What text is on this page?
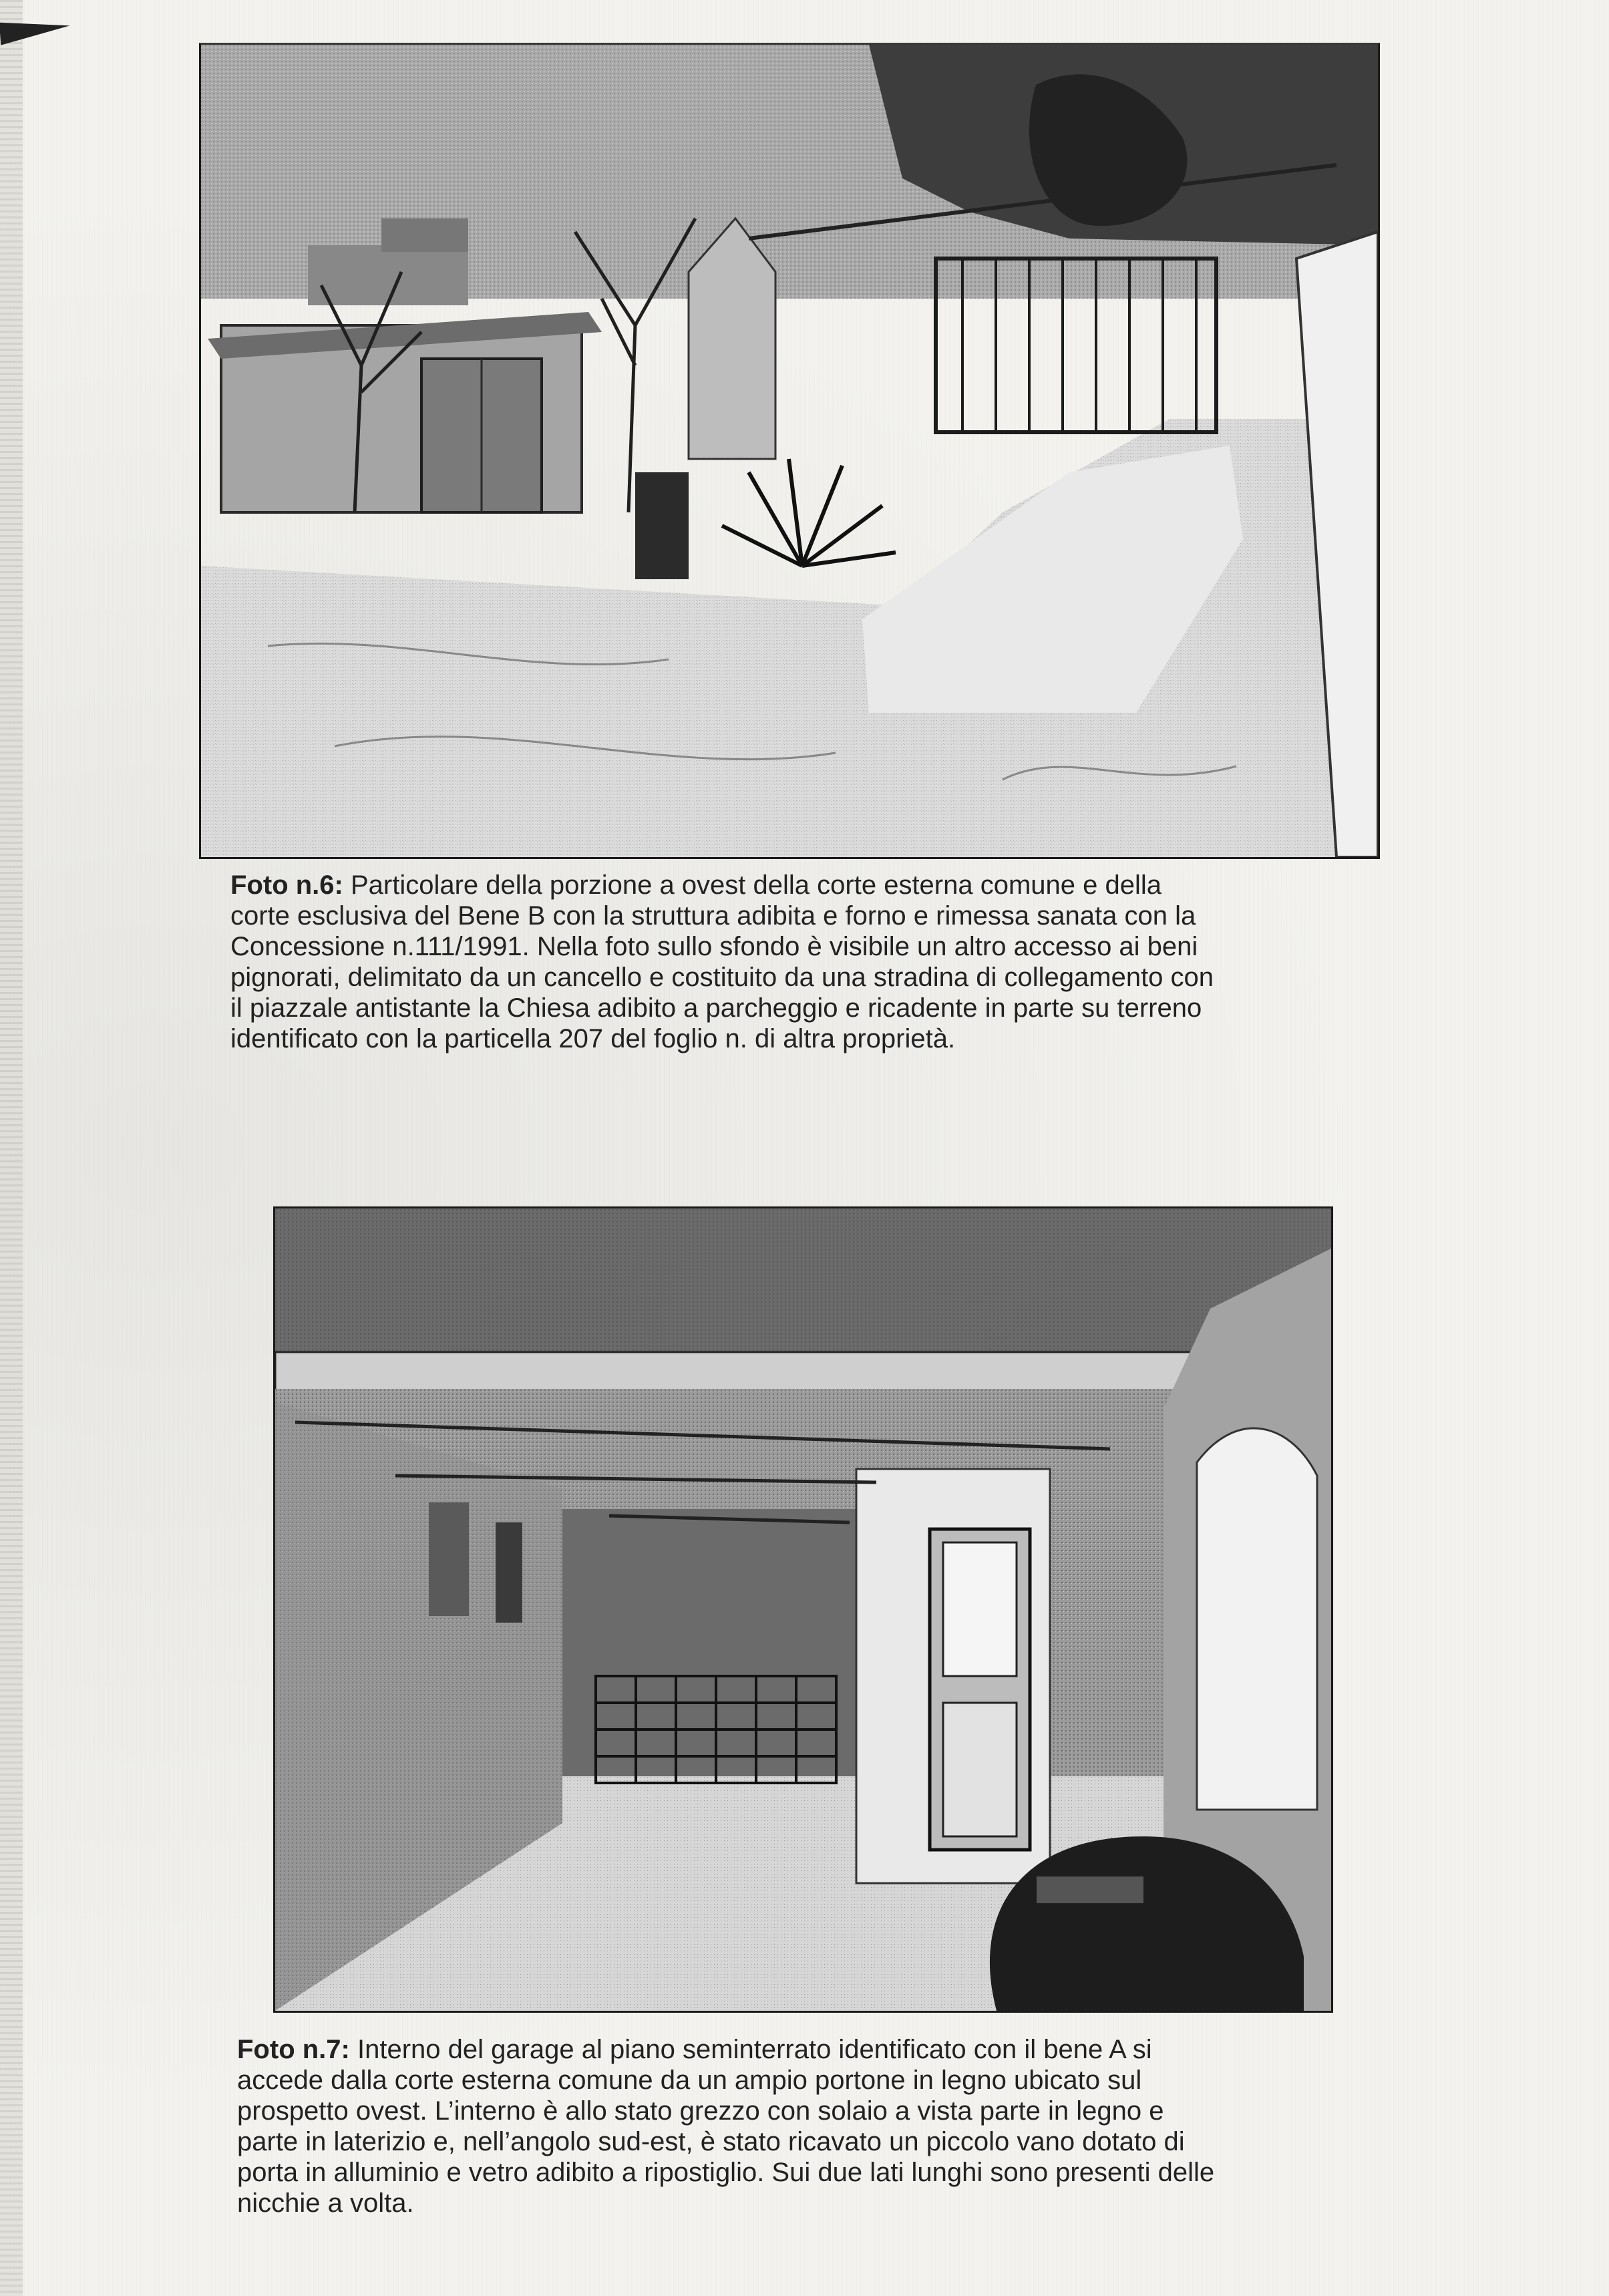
Foto n.6: Particolare della porzione a ovest della corte esterna comune e della
corte esclusiva del Bene B con la struttura adibita e forno e rimessa sanata con la
Concessione n.111/1991. Nella foto sullo sfondo è visibile un altro accesso ai beni
pignorati, delimitato da un cancello e costituito da una stradina di collegamento con
il piazzale antistante la Chiesa adibito a parcheggio e ricadente in parte su terreno
identificato con la particella 207 del foglio n. di altra proprietà.
Foto n.7: Interno del garage al piano seminterrato identificato con il bene A si
accede dalla corte esterna comune da un ampio portone in legno ubicato sul
prospetto ovest. L’interno è allo stato grezzo con solaio a vista parte in legno e
parte in laterizio e, nell’angolo sud-est, è stato ricavato un piccolo vano dotato di
porta in alluminio e vetro adibito a ripostiglio. Sui due lati lunghi sono presenti delle
nicchie a volta.
